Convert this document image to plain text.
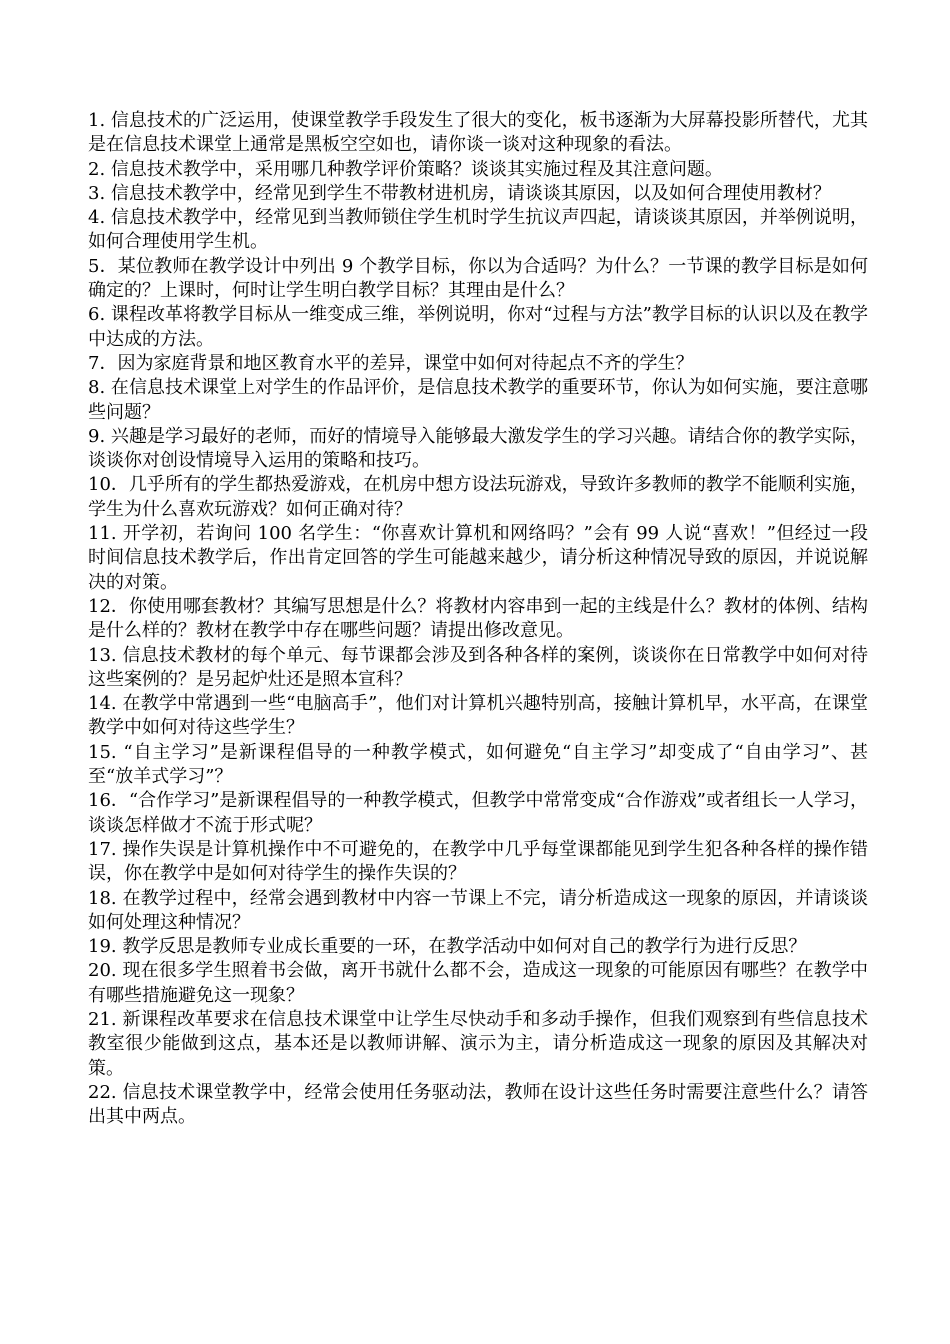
1. 信息技术的广泛运用，使课堂教学手段发生了很大的变化，板书逐渐为大屏幕投影所替代，尤其是在信息技术课堂上通常是黑板空空如也，请你谈一谈对这种现象的看法。

2. 信息技术教学中，采用哪几种教学评价策略？谈谈其实施过程及其注意问题。

3. 信息技术教学中，经常见到学生不带教材进机房，请谈谈其原因，以及如何合理使用教材？

4. 信息技术教学中，经常见到当教师锁住学生机时学生抗议声四起，请谈谈其原因，并举例说明，如何合理使用学生机。

5．某位教师在教学设计中列出 9 个教学目标，你以为合适吗？为什么？一节课的教学目标是如何确定的？上课时，何时让学生明白教学目标？其理由是什么？

6. 课程改革将教学目标从一维变成三维，举例说明，你对“过程与方法”教学目标的认识以及在教学中达成的方法。

7．因为家庭背景和地区教育水平的差异，课堂中如何对待起点不齐的学生？

8. 在信息技术课堂上对学生的作品评价，是信息技术教学的重要环节，你认为如何实施，要注意哪些问题？

9. 兴趣是学习最好的老师，而好的情境导入能够最大激发学生的学习兴趣。请结合你的教学实际，谈谈你对创设情境导入运用的策略和技巧。

10．几乎所有的学生都热爱游戏，在机房中想方设法玩游戏，导致许多教师的教学不能顺利实施，学生为什么喜欢玩游戏？如何正确对待？

11. 开学初，若询问 100 名学生：“你喜欢计算机和网络吗？”会有 99 人说“喜欢！”但经过一段时间信息技术教学后，作出肯定回答的学生可能越来越少，请分析这种情况导致的原因，并说说解决的对策。

12．你使用哪套教材？其编写思想是什么？将教材内容串到一起的主线是什么？教材的体例、结构是什么样的？教材在教学中存在哪些问题？请提出修改意见。

13. 信息技术教材的每个单元、每节课都会涉及到各种各样的案例，谈谈你在日常教学中如何对待这些案例的？是另起炉灶还是照本宣科？

14. 在教学中常遇到一些“电脑高手”，他们对计算机兴趣特别高，接触计算机早，水平高，在课堂教学中如何对待这些学生？

15. “自主学习”是新课程倡导的一种教学模式，如何避免“自主学习”却变成了“自由学习”、甚至“放羊式学习”？

16．“合作学习”是新课程倡导的一种教学模式，但教学中常常变成“合作游戏”或者组长一人学习，谈谈怎样做才不流于形式呢？

17. 操作失误是计算机操作中不可避免的，在教学中几乎每堂课都能见到学生犯各种各样的操作错误，你在教学中是如何对待学生的操作失误的？

18. 在教学过程中，经常会遇到教材中内容一节课上不完，请分析造成这一现象的原因，并请谈谈如何处理这种情况？

19. 教学反思是教师专业成长重要的一环，在教学活动中如何对自己的教学行为进行反思？

20. 现在很多学生照着书会做，离开书就什么都不会，造成这一现象的可能原因有哪些？在教学中有哪些措施避免这一现象？

21. 新课程改革要求在信息技术课堂中让学生尽快动手和多动手操作，但我们观察到有些信息技术教室很少能做到这点，基本还是以教师讲解、演示为主，请分析造成这一现象的原因及其解决对策。

22. 信息技术课堂教学中，经常会使用任务驱动法，教师在设计这些任务时需要注意些什么？请答出其中两点。
